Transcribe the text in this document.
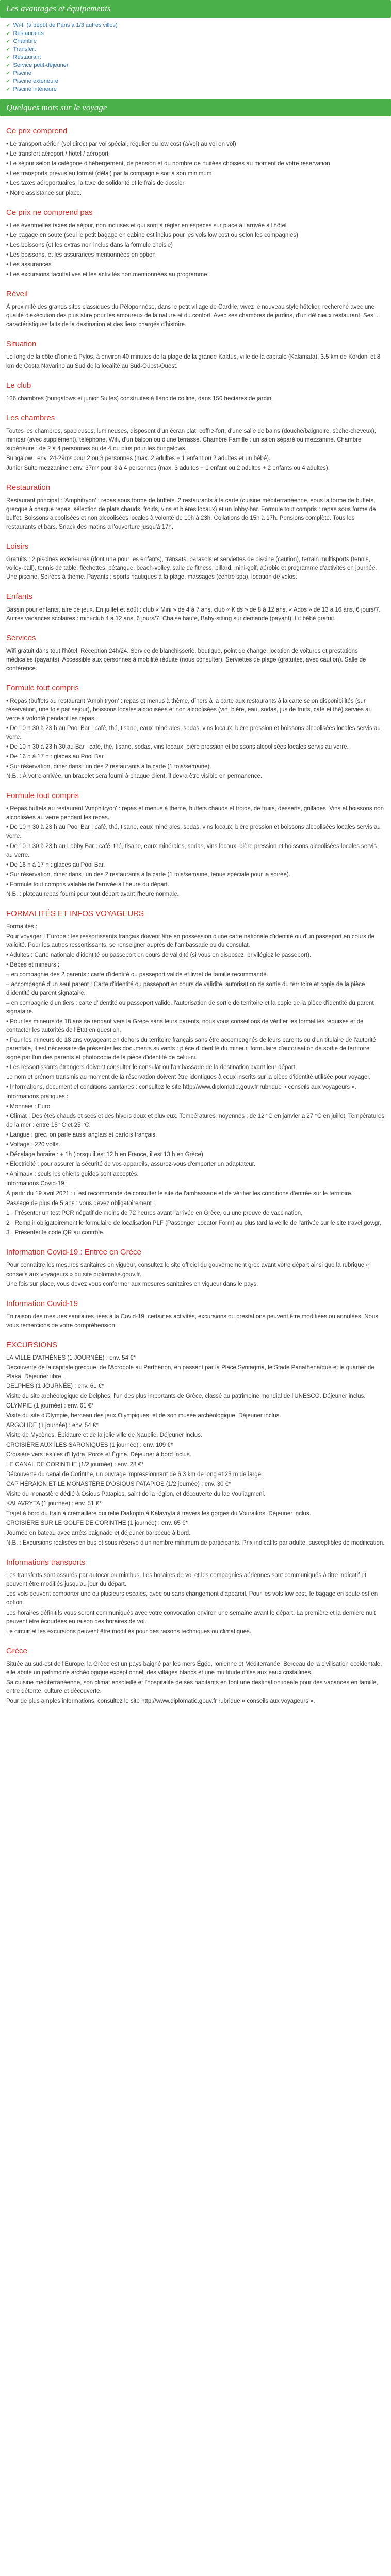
Les avantages et équipements
✔ Wi-fi (à dépôt de Paris à 1/3 autres villes)
✔ Restaurants
✔ Chambre
✔ Transfert
✔ Restaurant
✔ Service petit-déjeuner
✔ Piscine
✔ Piscine extérieure
✔ Piscine intérieure
Quelques mots sur le voyage
Ce prix comprend

• Le transport aérien (vol direct par vol spécial, régulier ou low cost (à/vol) au vol en vol)

• Le transfert aéroport / hôtel / aéroport

• Le séjour selon la catégorie d'hébergement, de pension et du nombre de nuitées choisies au moment de votre réservation

• Les transports prévus au format (délai) par la compagnie soit à son minimum

• Les taxes aéroportuaires, la taxe de solidarité et le frais de dossier

• Notre assistance sur place.

Ce prix ne comprend pas

• Les éventuelles taxes de séjour, non incluses et qui sont à régler en espèces sur place à l'arrivée à l'hôtel

• Le bagage en soute (seul le petit bagage en cabine est inclus pour les vols low cost ou selon les compagnies)

• Les boissons (et les extras non inclus dans la formule choisie)

• Les boissons, et les assurances mentionnées en option

• Les assurances

• Les excursions facultatives et les activités non mentionnées au programme

Réveil

À proximité des grands sites classiques du Péloponnèse, dans le petit village de Cardile, vivez le nouveau style hôtelier, recherché avec une qualité d'exécution des plus sûre pour les amoureux de la nature et du confort. Avec ses chambres de jardins, d'un délicieux restaurant, Ses ... caractéristiques faits de la destination et des lieux chargés d'histoire.

Situation

Le long de la côte d'Ionie à Pylos, à environ 40 minutes de la plage de la grande Kaktus, ville de la capitale (Kalamata), 3.5 km de Kordoni et 8 km de Costa Navarino au Sud de la localité au Sud-Ouest-Ouest.

Le club

136 chambres (bungalows et junior Suites) construites à flanc de colline, dans 150 hectares de jardin.

Les chambres

Toutes les chambres, spacieuses, lumineuses, disposent d'un écran plat, coffre-fort, d'une salle de bains (douche/baignoire, sèche-cheveux), minibar (avec supplément), téléphone, Wifi, d'un balcon ou d'une terrasse. Chambre Famille : un salon séparé ou mezzanine. Chambre supérieure : de 2 à 4 personnes ou de 4 ou plus pour les bungalows.

Bungalow : env. 24-29m² pour 2 ou 3 personnes (max. 2 adultes + 1 enfant ou 2 adultes et un bébé).

Junior Suite mezzanine : env. 37m² pour 3 à 4 personnes (max. 3 adultes + 1 enfant ou 2 adultes + 2 enfants ou 4 adultes).

Restauration

Restaurant principal : 'Amphitryon' : repas sous forme de buffets. 2 restaurants à la carte (cuisine méditerranéenne, sous la forme de buffets, grecque à chaque repas, sélection de plats chauds, froids, vins et bières locaux) et un lobby-bar. Formule tout compris : repas sous forme de buffet. Boissons alcoolisées et non alcoolisées locales à volonté de 10h à 23h. Collations de 15h à 17h. Pensions complète. Tous les restaurants et bars. Snack des matins à l'ouverture jusqu'à 17h.

Loisirs

Gratuits : 2 piscines extérieures (dont une pour les enfants), transats, parasols et serviettes de piscine (caution), terrain multisports (tennis, volley-ball), tennis de table, fléchettes, pétanque, beach-volley, salle de fitness, billard, mini-golf, aérobic et programme d'activités en journée. Une piscine. Soirées à thème. Payants : sports nautiques à la plage, massages (centre spa), location de vélos.

Enfants

Bassin pour enfants, aire de jeux. En juillet et août : club « Mini » de 4 à 7 ans, club « Kids » de 8 à 12 ans, « Ados » de 13 à 16 ans, 6 jours/7. Autres vacances scolaires : mini-club 4 à 12 ans, 6 jours/7. Chaise haute, Baby-sitting sur demande (payant). Lit bébé gratuit.

Services

Wifi gratuit dans tout l'hôtel. Réception 24h/24. Service de blanchisserie, boutique, point de change, location de voitures et prestations médicales (payants). Accessible aux personnes à mobilité réduite (nous consulter). Serviettes de plage (gratuites, avec caution). Salle de conférence.

Formule tout compris

• Repas (buffets au restaurant 'Amphitryon' : repas et menus à thème, dîners à la carte aux restaurants à la carte selon disponibilités (sur réservation, une fois par séjour), boissons locales alcoolisées et non alcoolisées (vin, bière, eau, sodas, jus de fruits, café et thé) servies au verre à volonté pendant les repas.

• De 10 h 30 à 23 h au Pool Bar : café, thé, tisane, eaux minérales, sodas, vins locaux, bière pression et boissons alcoolisées locales servis au verre.

• De 10 h 30 à 23 h 30 au Bar : café, thé, tisane, sodas, vins locaux, bière pression et boissons alcoolisées locales servis au verre.

• De 16 h à 17 h : glaces au Pool Bar.

• Sur réservation, dîner dans l'un des 2 restaurants à la carte (1 fois/semaine).

N.B. : À votre arrivée, un bracelet sera fourni à chaque client, il devra être visible en permanence.

Formule tout compris

• Repas buffets au restaurant 'Amphitryon' : repas et menus à thème, buffets chauds et froids, de fruits, desserts, grillades. Vins et boissons non alcoolisées au verre pendant les repas.

• De 10 h 30 à 23 h au Pool Bar : café, thé, tisane, eaux minérales, sodas, vins locaux, bière pression et boissons alcoolisées locales servis au verre.

• De 10 h 30 à 23 h au Lobby Bar : café, thé, tisane, eaux minérales, sodas, vins locaux, bière pression et boissons alcoolisées locales servis au verre.

• De 16 h à 17 h : glaces au Pool Bar.

• Sur réservation, dîner dans l'un des 2 restaurants à la carte (1 fois/semaine, tenue spéciale pour la soirée).

• Formule tout compris valable de l'arrivée à l'heure du départ.

N.B. : plateau repas fourni pour tout départ avant l'heure normale.

FORMALITÉS ET INFOS VOYAGEURS

Formalités :

Pour voyager, l'Europe : les ressortissants français doivent être en possession d'une carte nationale d'identité ou d'un passeport en cours de validité. Pour les autres ressortissants, se renseigner auprès de l'ambassade ou du consulat.

• Adultes : Carte nationale d'identité ou passeport en cours de validité (si vous en disposez, privilégiez le passeport).

• Bébés et mineurs :

– en compagnie des 2 parents : carte d'identité ou passeport valide et livret de famille recommandé.

– accompagné d'un seul parent : Carte d'identité ou passeport en cours de validité, autorisation de sortie du territoire et copie de la pièce d'identité du parent signataire.

– en compagnie d'un tiers : carte d'identité ou passeport valide, l'autorisation de sortie de territoire et la copie de la pièce d'identité du parent signataire.

• Pour les mineurs de 18 ans se rendant vers la Grèce sans leurs parents, nous vous conseillons de vérifier les formalités requises et de contacter les autorités de l'État en question.

• Pour les mineurs de 18 ans voyageant en dehors du territoire français sans être accompagnés de leurs parents ou d'un titulaire de l'autorité parentale, il est nécessaire de présenter les documents suivants : pièce d'identité du mineur, formulaire d'autorisation de sortie de territoire signé par l'un des parents et photocopie de la pièce d'identité de celui-ci.

• Les ressortissants étrangers doivent consulter le consulat ou l'ambassade de la destination avant leur départ.

Le nom et prénom transmis au moment de la réservation doivent être identiques à ceux inscrits sur la pièce d'identité utilisée pour voyager.

• Informations, document et conditions sanitaires : consultez le site http://www.diplomatie.gouv.fr rubrique « conseils aux voyageurs ».

Informations pratiques :

• Monnaie : Euro

• Climat : Des étés chauds et secs et des hivers doux et pluvieux. Températures moyennes : de 12 °C en janvier à 27 °C en juillet. Températures de la mer : entre 15 °C et 25 °C.

• Langue : grec, on parle aussi anglais et parfois français.

• Voltage : 220 volts.

• Décalage horaire : + 1h (lorsqu'il est 12 h en France, il est 13 h en Grèce).

• Électricité : pour assurer la sécurité de vos appareils, assurez-vous d'emporter un adaptateur.

• Animaux : seuls les chiens guides sont acceptés.

Informations Covid-19 :

À partir du 19 avril 2021 : il est recommandé de consulter le site de l'ambassade et de vérifier les conditions d'entrée sur le territoire.

Passage de plus de 5 ans : vous devez obligatoirement :

1 · Présenter un test PCR négatif de moins de 72 heures avant l'arrivée en Grèce, ou une preuve de vaccination,

2 · Remplir obligatoirement le formulaire de localisation PLF (Passenger Locator Form) au plus tard la veille de l'arrivée sur le site travel.gov.gr,

3 · Présenter le code QR au contrôle.

Information Covid-19 : Entrée en Grèce

Pour connaître les mesures sanitaires en vigueur, consultez le site officiel du gouvernement grec avant votre départ ainsi que la rubrique « conseils aux voyageurs » du site diplomatie.gouv.fr.

Une fois sur place, vous devez vous conformer aux mesures sanitaires en vigueur dans le pays.

Information Covid-19

En raison des mesures sanitaires liées à la Covid-19, certaines activités, excursions ou prestations peuvent être modifiées ou annulées. Nous vous remercions de votre compréhension.

EXCURSIONS

LA VILLE D'ATHÈNES (1 JOURNÉE) : env. 54 €*

Découverte de la capitale grecque, de l'Acropole au Parthénon, en passant par la Place Syntagma, le Stade Panathénaïque et le quartier de Plaka. Déjeuner libre.

DELPHES (1 JOURNÉE) : env. 61 €*

Visite du site archéologique de Delphes, l'un des plus importants de Grèce, classé au patrimoine mondial de l'UNESCO. Déjeuner inclus.

OLYMPIE (1 journée) : env. 61 €*

Visite du site d'Olympie, berceau des jeux Olympiques, et de son musée archéologique. Déjeuner inclus.

ARGOLIDE (1 journée) : env. 54 €*

Visite de Mycènes, Épidaure et de la jolie ville de Nauplie. Déjeuner inclus.

CROISIÈRE AUX ÎLES SARONIQUES (1 journée) : env. 109 €*

Croisière vers les îles d'Hydra, Poros et Égine. Déjeuner à bord inclus.

LE CANAL DE CORINTHE (1/2 journée) : env. 28 €*

Découverte du canal de Corinthe, un ouvrage impressionnant de 6,3 km de long et 23 m de large.

CAP HÉRAION ET LE MONASTÈRE D'OSIOUS PATAPIOS (1/2 journée) : env. 30 €*

Visite du monastère dédié à Osious Patapios, saint de la région, et découverte du lac Vouliagmeni.

KALAVRYTA (1 journée) : env. 51 €*

Trajet à bord du train à crémaillère qui relie Diakopto à Kalavryta à travers les gorges du Vouraikos. Déjeuner inclus.

CROISIÈRE SUR LE GOLFE DE CORINTHE (1 journée) : env. 65 €*

Journée en bateau avec arrêts baignade et déjeuner barbecue à bord.

N.B. : Excursions réalisées en bus et sous réserve d'un nombre minimum de participants. Prix indicatifs par adulte, susceptibles de modification.

Informations transports

Les transferts sont assurés par autocar ou minibus. Les horaires de vol et les compagnies aériennes sont communiqués à titre indicatif et peuvent être modifiés jusqu'au jour du départ.

Les vols peuvent comporter une ou plusieurs escales, avec ou sans changement d'appareil. Pour les vols low cost, le bagage en soute est en option.

Les horaires définitifs vous seront communiqués avec votre convocation environ une semaine avant le départ. La première et la dernière nuit peuvent être écourtées en raison des horaires de vol.

Le circuit et les excursions peuvent être modifiés pour des raisons techniques ou climatiques.

Grèce

Située au sud-est de l'Europe, la Grèce est un pays baigné par les mers Égée, Ionienne et Méditerranée. Berceau de la civilisation occidentale, elle abrite un patrimoine archéologique exceptionnel, des villages blancs et une multitude d'îles aux eaux cristallines.

Sa cuisine méditerranéenne, son climat ensoleillé et l'hospitalité de ses habitants en font une destination idéale pour des vacances en famille, entre détente, culture et découverte.

Pour de plus amples informations, consultez le site http://www.diplomatie.gouv.fr rubrique « conseils aux voyageurs ».
